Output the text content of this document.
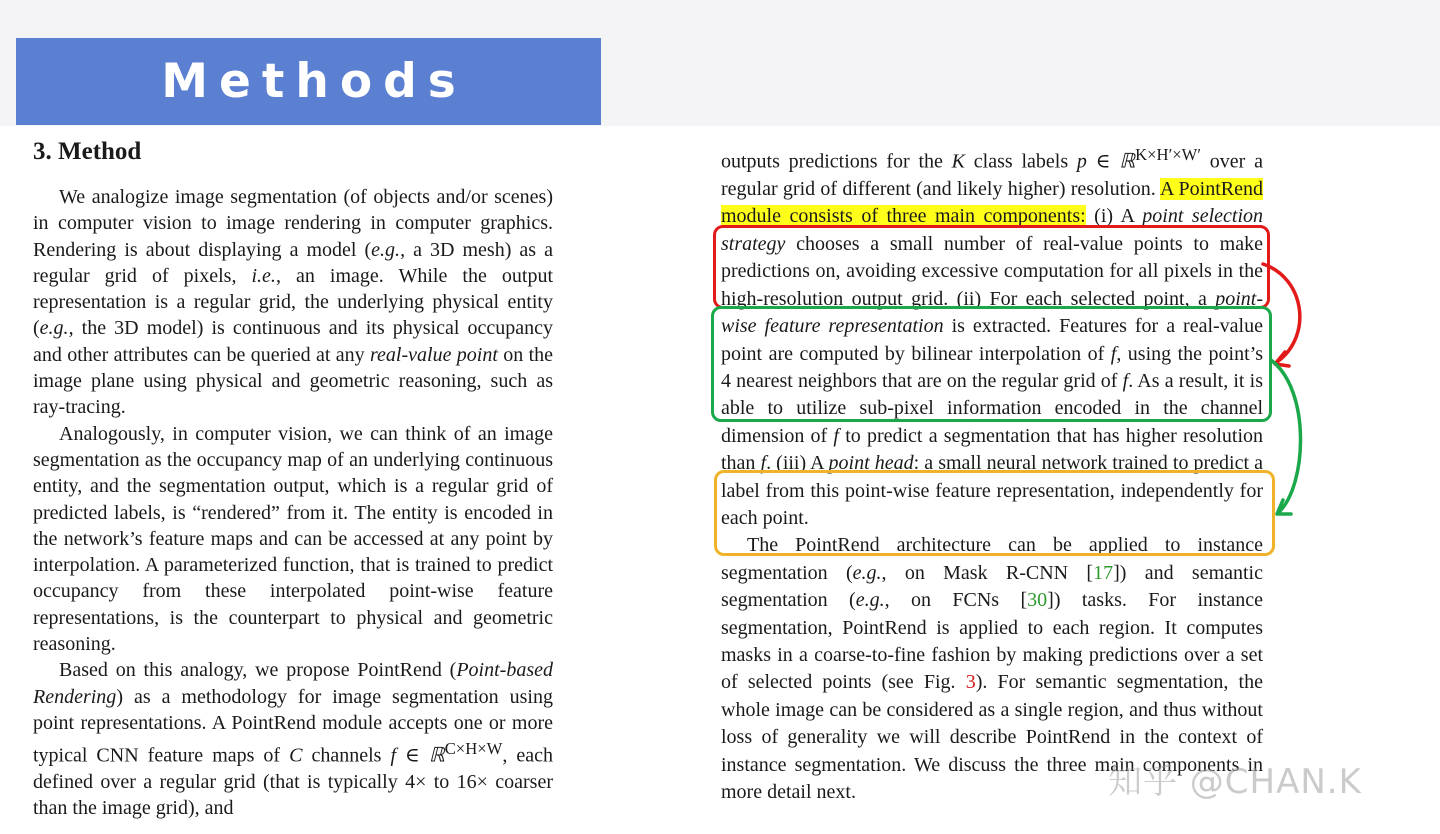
Methods
3. Method

We analogize image segmentation (of objects and/or scenes) in computer vision to image rendering in computer graphics. Rendering is about displaying a model (e.g., a 3D mesh) as a regular grid of pixels, i.e., an image. While the output representation is a regular grid, the underlying physical entity (e.g., the 3D model) is continuous and its physical occupancy and other attributes can be queried at any real-value point on the image plane using physical and geometric reasoning, such as ray-tracing.

Analogously, in computer vision, we can think of an image segmentation as the occupancy map of an underlying continuous entity, and the segmentation output, which is a regular grid of predicted labels, is “rendered” from it. The entity is encoded in the network’s feature maps and can be accessed at any point by interpolation. A parameterized function, that is trained to predict occupancy from these interpolated point-wise feature representations, is the counterpart to physical and geometric reasoning.

Based on this analogy, we propose PointRend (Point-based Rendering) as a methodology for image segmentation using point representations. A PointRend module accepts one or more typical CNN feature maps of C channels f ∈ ℝ$^{C\times H\times W}$, each defined over a regular grid (that is typically 4× to 16× coarser than the image grid), and

outputs predictions for the K class labels p ∈ ℝ$^{K\times H'\times W'}$ over a regular grid of different (and likely higher) resolution. A PointRend module consists of three main components: (i) A point selection strategy chooses a small number of real-value points to make predictions on, avoiding excessive computation for all pixels in the high-resolution output grid. (ii) For each selected point, a point-wise feature representation is extracted. Features for a real-value point are computed by bilinear interpolation of f, using the point’s 4 nearest neighbors that are on the regular grid of f. As a result, it is able to utilize sub-pixel information encoded in the channel dimension of f to predict a segmentation that has higher resolution than f. (iii) A point head: a small neural network trained to predict a label from this point-wise feature representation, independently for each point.

The PointRend architecture can be applied to instance segmentation (e.g., on Mask R-CNN [17]) and semantic segmentation (e.g., on FCNs [30]) tasks. For instance segmentation, PointRend is applied to each region. It computes masks in a coarse-to-fine fashion by making predictions over a set of selected points (see Fig. 3). For semantic segmentation, the whole image can be considered as a single region, and thus without loss of generality we will describe PointRend in the context of instance segmentation. We discuss the three main components in more detail next.	知乎 @CHAN.K
